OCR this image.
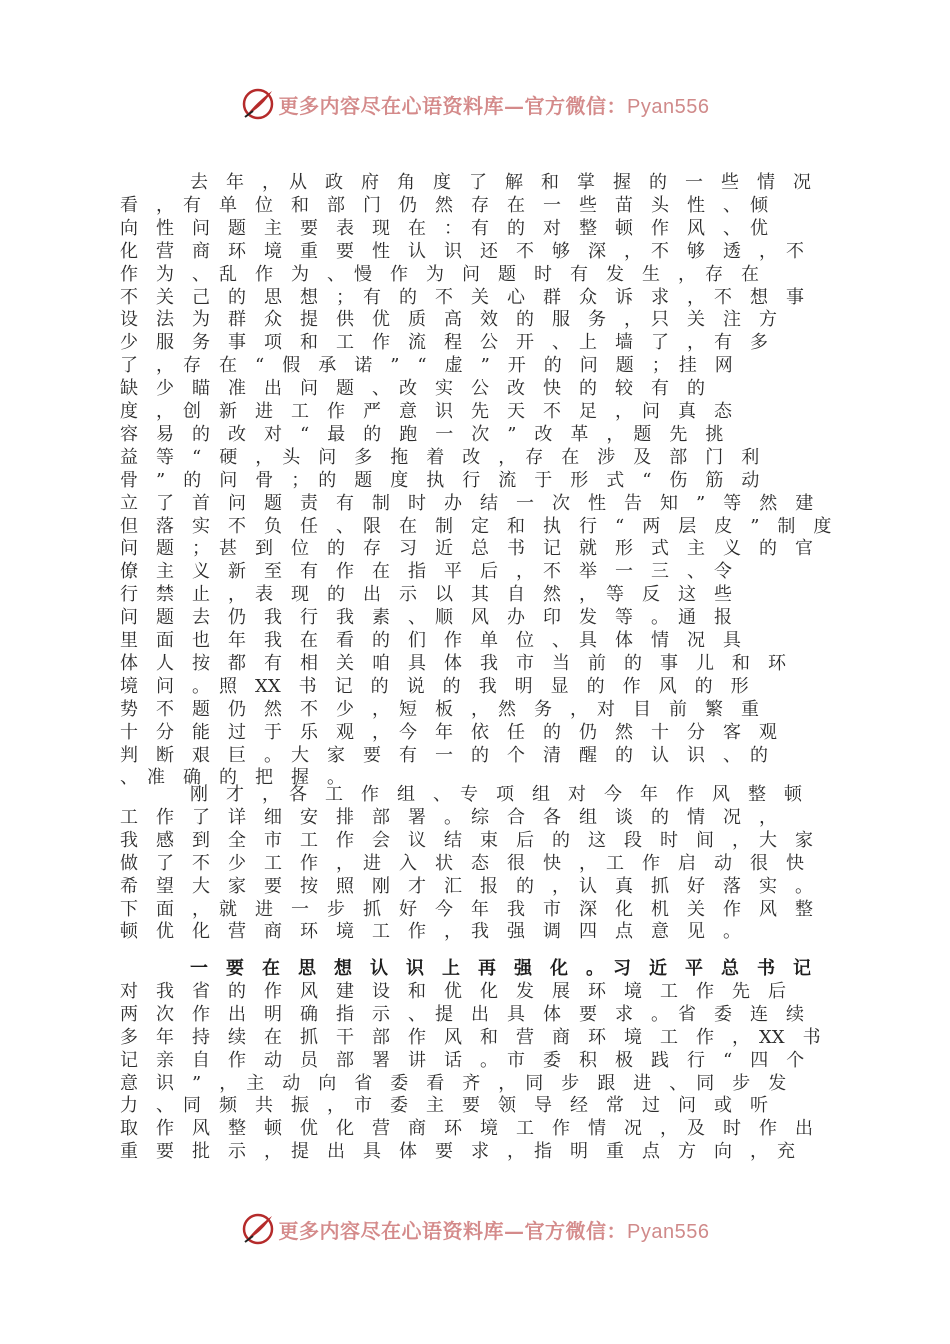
更多内容尽在心语资料库—官方微信：Pyan556
去　年　，　从　政　府　角　度　了　解　和　掌　握　的　一　些　情　况
看　，　有　单　位　和　部　门　仍　然　存　在　一　些　苗　头　性　、　倾
向　性　问　题　主　要　表　现　在　：　有　的　对　整　顿　作　风　、　优
化　营　商　环　境　重　要　性　认　识　还　不　够　深　，　不　够　透　，　不
作　为　、　乱　作　为　、　慢　作　为　问　题　时　有　发　生　，　存　在
不　关　己　的　思　想　；　有　的　不　关　心　群　众　诉　求　，　不　想　事
设　法　为　群　众　提　供　优　质　高　效　的　服　务　，　只　关　注　方
少　服　务　事　项　和　工　作　流　程　公　开　、　上　墙　了　，　有　多
了　，　存　在　“　假　承　诺　”　“　虚　”　开　的　问　题　；　挂　网
缺　少　瞄　准　出　问　题　、　改　实　公　改　快　的　较　有　的
度　，　创　新　进　工　作　严　意　识　先　天　不　足　，　问　真　态
容　易　的　改　对　“　最　的　跑　一　次　”　改　革　，　题　先　挑
益　等　“　硬　，　头　问　多　拖　着　改　，　存　在　涉　及　部　门　利
骨　”　的　问　骨　；　的　题　度　执　行　流　于　形　式　“　伤　筋　动
立　了　首　问　题　责　有　制　时　办　结　一　次　性　告　知　”　等　然　建
但　落　实　不　负　任　、　限　在　制　定　和　执　行　“　两　层　皮　”　制　度
问　题　；　甚　到　位　的　存　习　近　总　书　记　就　形　式　主　义　的　官
僚　主　义　新　至　有　作　在　指　平　后　，　不　举　一　三　、　令
行　禁　止　，　表　现　的　出　示　以　其　自　然　，　等　反　这　些
问　题　去　仍　我　行　我　素　、　顺　风　办　印　发　等　。　通　报
里　面　也　年　我　在　看　的　们　作　单　位　、　具　体　情　况　具
体　人　按　都　有　相　关　咱　具　体　我　市　当　前　的　事　儿　和　环
境　问　。　照　XX　书　记　的　说　的　我　明　显　的　作　风　的　形
势　不　题　仍　然　不　少　，　短　板　，　然　务　，　对　目　前　繁　重
十　分　能　过　于　乐　观　，　今　年　依　任　的　仍　然　十　分　客　观
判　断　艰　巨　。　大　家　要　有　一　的　个　清　醒　的　认　识　、　的
、　准　确　的　把　握　。
刚　才　，　各　工　作　组　、　专　项　组　对　今　年　作　风　整　顿
工　作　了　详　细　安　排　部　署　。　综　合　各　组　谈　的　情　况　，
我　感　到　全　市　工　作　会　议　结　束　后　的　这　段　时　间　，　大　家
做　了　不　少　工　作　，　进　入　状　态　很　快　，　工　作　启　动　很　快
希　望　大　家　要　按　照　刚　才　汇　报　的　，　认　真　抓　好　落　实　。
下　面　，　就　进　一　步　抓　好　今　年　我　市　深　化　机　关　作　风　整
顿　优　化　营　商　环　境　工　作　，　我　强　调　四　点　意　见　。
一　要　在　思　想　认　识　上　再　强　化　。　习　近　平　总　书　记
对　我　省　的　作　风　建　设　和　优　化　发　展　环　境　工　作　先　后
两　次　作　出　明　确　指　示　、　提　出　具　体　要　求　。　省　委　连　续
多　年　持　续　在　抓　干　部　作　风　和　营　商　环　境　工　作　，　XX　书
记　亲　自　作　动　员　部　署　讲　话　。　市　委　积　极　践　行　“　四　个
意　识　”　，　主　动　向　省　委　看　齐　，　同　步　跟　进　、　同　步　发
力　、　同　频　共　振　，　市　委　主　要　领　导　经　常　过　问　或　听
取　作　风　整　顿　优　化　营　商　环　境　工　作　情　况　，　及　时　作　出
重　要　批　示　，　提　出　具　体　要　求　，　指　明　重　点　方　向　，　充
更多内容尽在心语资料库—官方微信：Pyan556
